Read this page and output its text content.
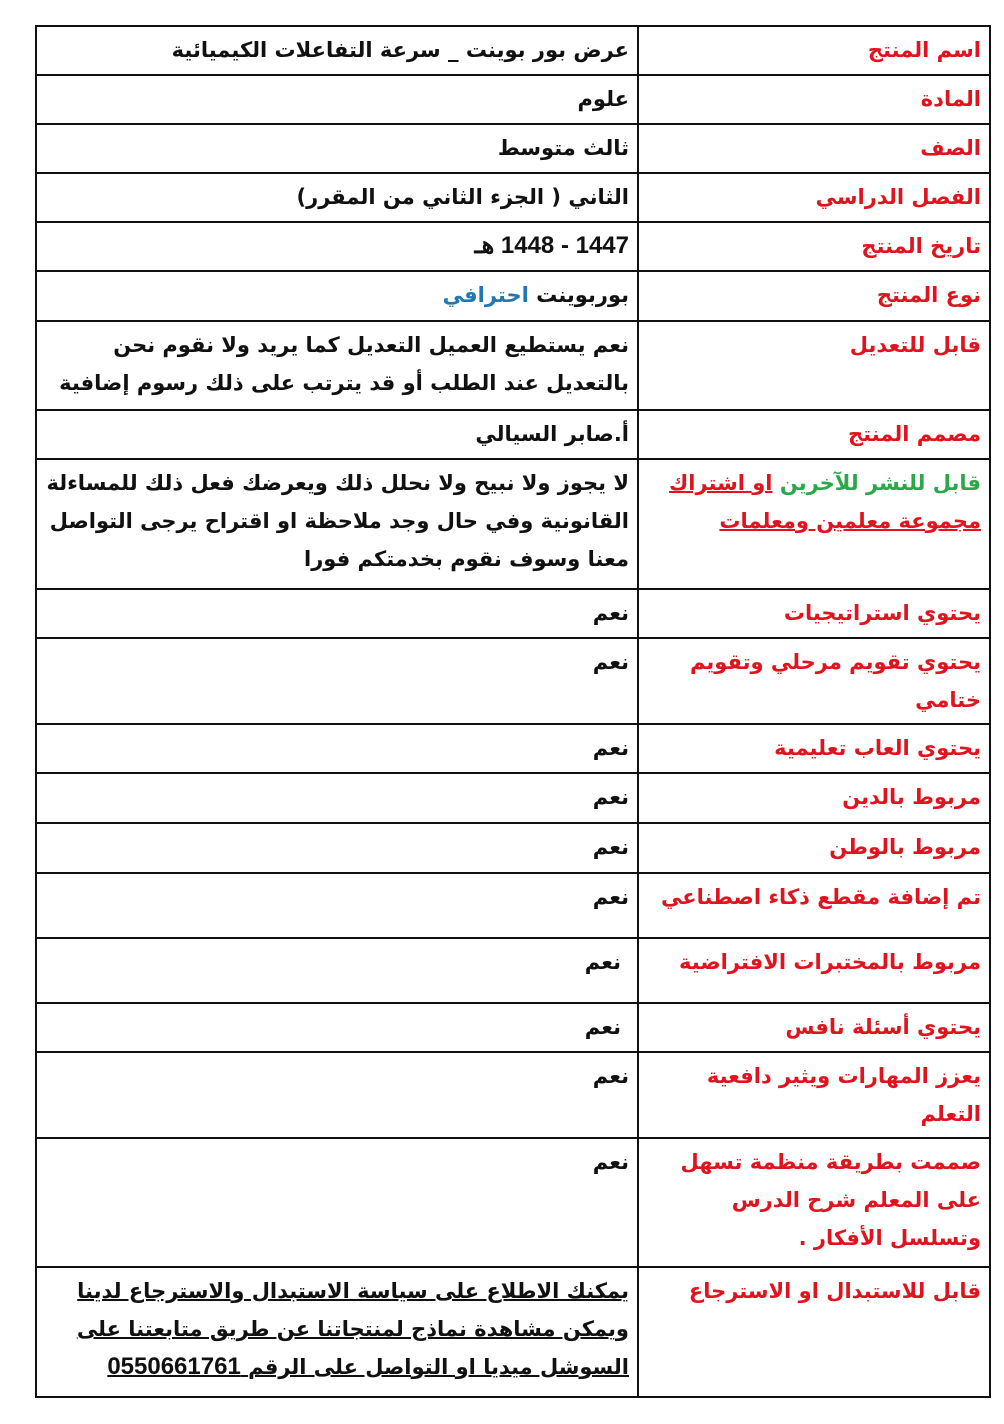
اسم المنتج	عرض بور بوينت _ سرعة التفاعلات الكيميائية
المادة	علوم
الصف	ثالث متوسط
الفصل الدراسي	الثاني ( الجزء الثاني من المقرر)
تاريخ المنتج	1447 - 1448 هـ
نوع المنتج	بوربوينت احترافي
قابل للتعديل	نعم يستطيع العميل التعديل كما يريد ولا نقوم نحن بالتعديل عند الطلب أو قد يترتب على ذلك رسوم إضافية
مصمم المنتج	أ.صابر السيالي
قابل للنشر للآخرين او اشتراك مجموعة معلمين ومعلمات	لا يجوز ولا نبيح ولا نحلل ذلك ويعرضك فعل ذلك للمساءلة القانونية وفي حال وجد ملاحظة او اقتراح يرجى التواصل معنا وسوف نقوم بخدمتكم فورا
يحتوي استراتيجيات	نعم
يحتوي تقويم مرحلي وتقويم ختامي	نعم
يحتوي العاب تعليمية	نعم
مربوط بالدين	نعم
مربوط بالوطن	نعم
تم إضافة مقطع ذكاء اصطناعي	نعم
مربوط بالمختبرات الافتراضية	نعم
يحتوي أسئلة نافس	نعم
يعزز المهارات ويثير دافعية التعلم	نعم
صممت بطريقة منظمة تسهل على المعلم شرح الدرس وتسلسل الأفكار .	نعم
قابل للاستبدال او الاسترجاع	يمكنك الاطلاع على سياسة الاستبدال والاسترجاع لدينا ويمكن مشاهدة نماذج لمنتجاتنا عن طريق متابعتنا على السوشل ميديا او التواصل على الرقم 0550661761
